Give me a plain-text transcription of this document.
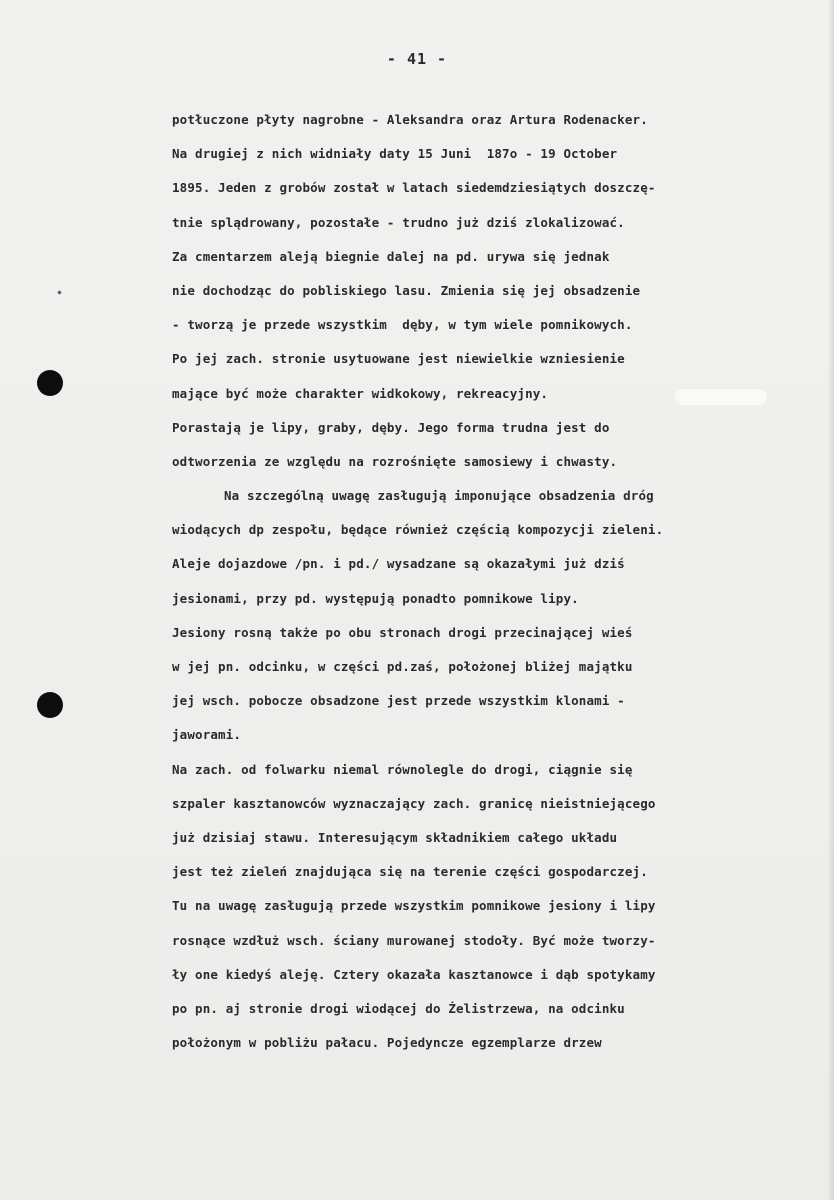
- 41 -
potłuczone płyty nagrobne - Aleksandra oraz Artura Rodenacker.
Na drugiej z nich widniały daty 15 Juni  187o - 19 October
1895. Jeden z grobów został w latach siedemdziesiątych doszczę-
tnie splądrowany, pozostałe - trudno już dziś zlokalizować.
Za cmentarzem aleją biegnie dalej na pd. urywa się jednak
nie dochodząc do pobliskiego lasu. Zmienia się jej obsadzenie
- tworzą je przede wszystkim  dęby, w tym wiele pomnikowych.
Po jej zach. stronie usytuowane jest niewielkie wzniesienie
mające być może charakter widkokowy, rekreacyjny.
Porastają je lipy, graby, dęby. Jego forma trudna jest do
odtworzenia ze względu na rozrośnięte samosiewy i chwasty.
Na szczególną uwagę zasługują imponujące obsadzenia dróg
wiodących dp zespołu, będące również częścią kompozycji zieleni.
Aleje dojazdowe /pn. i pd./ wysadzane są okazałymi już dziś
jesionami, przy pd. występują ponadto pomnikowe lipy.
Jesiony rosną także po obu stronach drogi przecinającej wieś
w jej pn. odcinku, w części pd.zaś, położonej bliżej majątku
jej wsch. pobocze obsadzone jest przede wszystkim klonami -
jaworami.
Na zach. od folwarku niemal równolegle do drogi, ciągnie się
szpaler kasztanowców wyznaczający zach. granicę nieistniejącego
już dzisiaj stawu. Interesującym składnikiem całego układu
jest też zieleń znajdująca się na terenie części gospodarczej.
Tu na uwagę zasługują przede wszystkim pomnikowe jesiony i lipy
rosnące wzdłuż wsch. ściany murowanej stodoły. Być może tworzy-
ły one kiedyś aleję. Cztery okazała kasztanowce i dąb spotykamy
po pn. aj stronie drogi wiodącej do Żelistrzewa, na odcinku
położonym w pobliżu pałacu. Pojedyncze egzemplarze drzew
